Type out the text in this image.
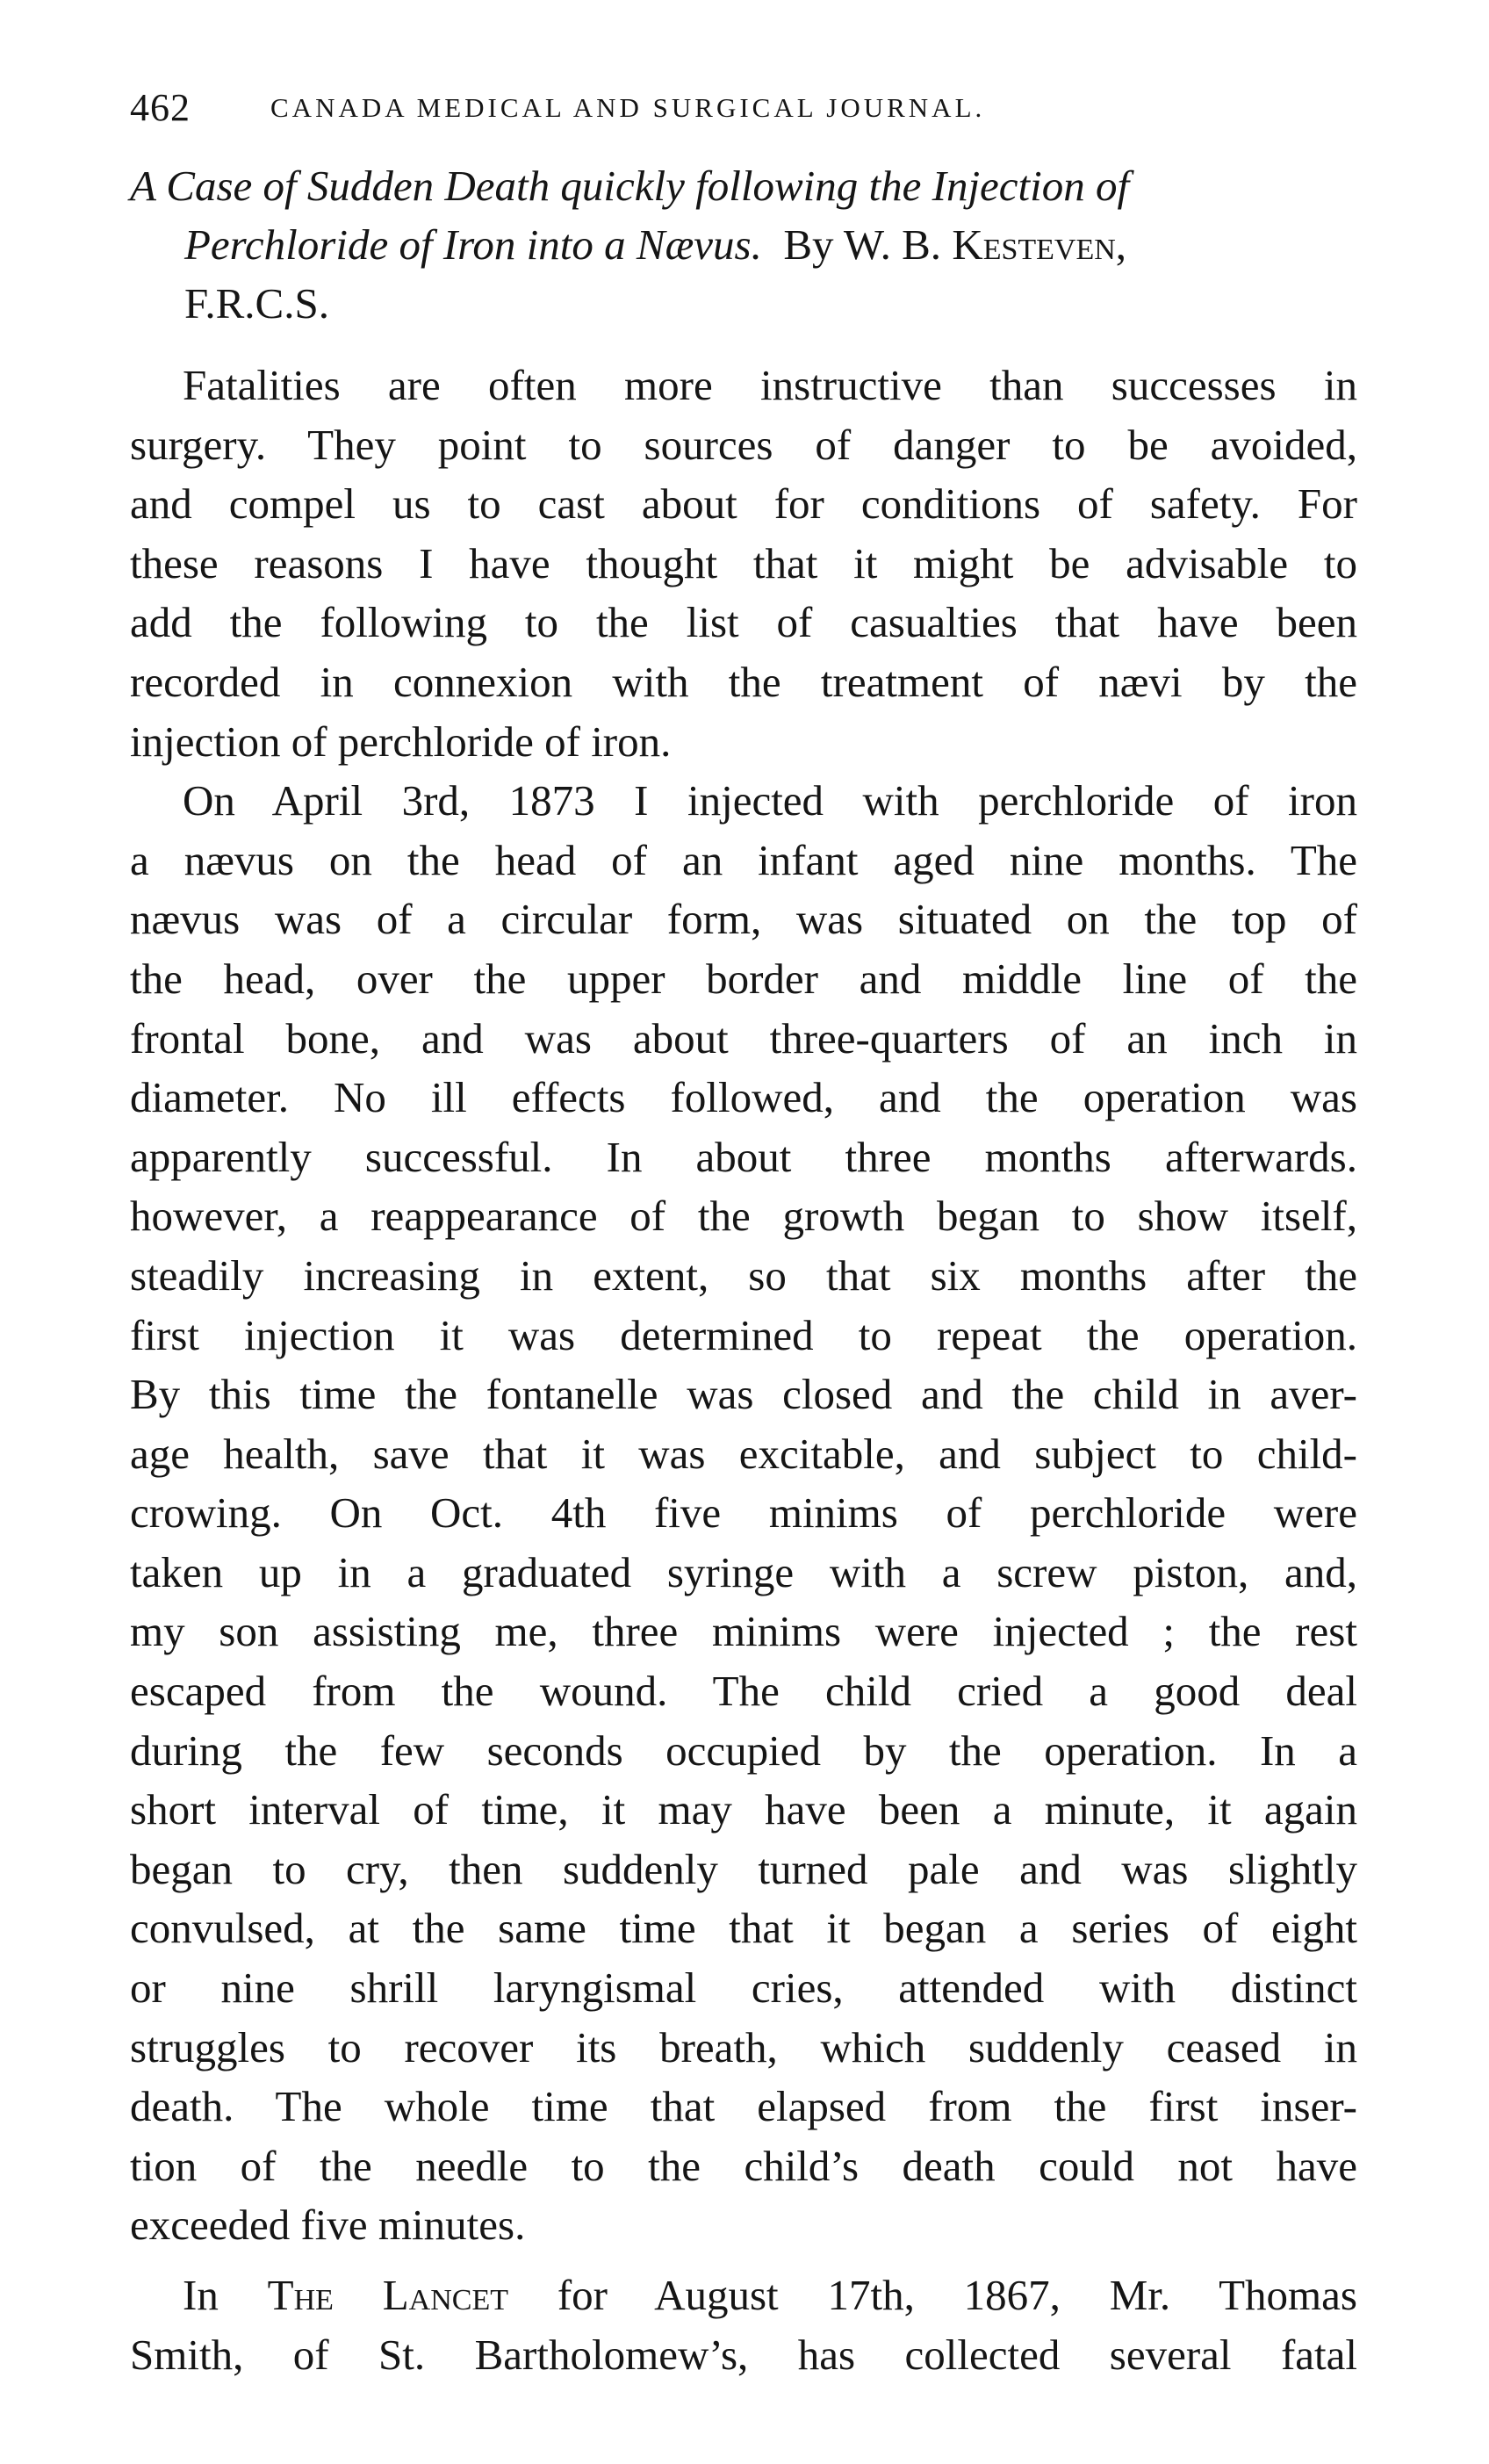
462	CANADA MEDICAL AND SURGICAL JOURNAL.
A Case of Sudden Death quickly following the Injection of
Perchloride of Iron into a Nævus. By W. B. Kesteven,
F.R.C.S.
Fatalities are often more instructive than successes in
surgery. They point to sources of danger to be avoided,
and compel us to cast about for conditions of safety. For
these reasons I have thought that it might be advisable to
add the following to the list of casualties that have been
recorded in connexion with the treatment of nævi by the
injection of perchloride of iron.
On April 3rd, 1873 I injected with perchloride of iron
a nævus on the head of an infant aged nine months. The
nævus was of a circular form, was situated on the top of
the head, over the upper border and middle line of the
frontal bone, and was about three-quarters of an inch in
diameter. No ill effects followed, and the operation was
apparently successful. In about three months afterwards.
however, a reappearance of the growth began to show itself,
steadily increasing in extent, so that six months after the
first injection it was determined to repeat the operation.
By this time the fontanelle was closed and the child in aver-
age health, save that it was excitable, and subject to child-
crowing. On Oct. 4th five minims of perchloride were
taken up in a graduated syringe with a screw piston, and,
my son assisting me, three minims were injected ; the rest
escaped from the wound. The child cried a good deal
during the few seconds occupied by the operation. In a
short interval of time, it may have been a minute, it again
began to cry, then suddenly turned pale and was slightly
convulsed, at the same time that it began a series of eight
or nine shrill laryngismal cries, attended with distinct
struggles to recover its breath, which suddenly ceased in
death. The whole time that elapsed from the first inser-
tion of the needle to the child’s death could not have
exceeded five minutes.
In The Lancet for August 17th, 1867, Mr. Thomas
Smith, of St. Bartholomew’s, has collected several fatal
